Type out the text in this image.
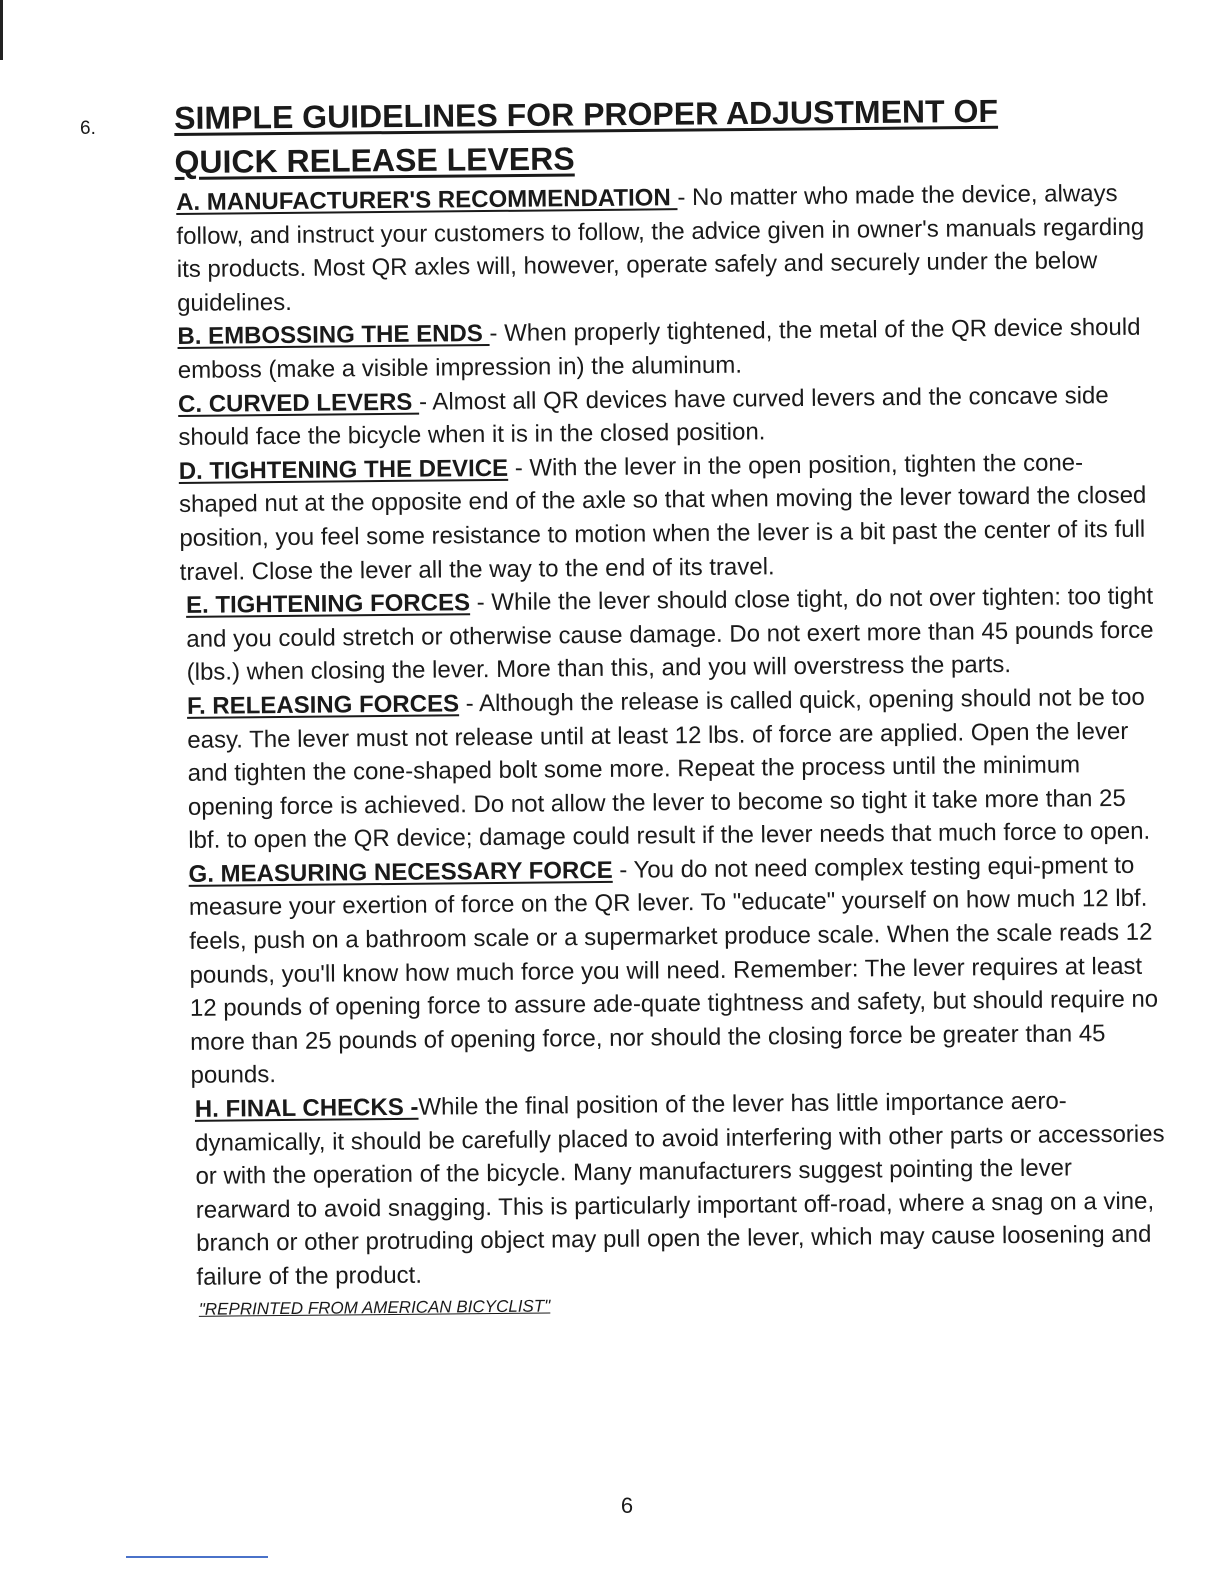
6. SIMPLE GUIDELINES FOR PROPER ADJUSTMENT OF
QUICK RELEASE LEVERS

A. MANUFACTURER'S RECOMMENDATION - No matter who made the device, always follow, and instruct your customers to follow, the advice given in owner's manuals regarding its products. Most QR axles will, however, operate safely and securely under the below guidelines.

B. EMBOSSING THE ENDS - When properly tightened, the metal of the QR device should emboss (make a visible impression in) the aluminum.

C. CURVED LEVERS - Almost all QR devices have curved levers and the concave side should face the bicycle when it is in the closed position.

D. TIGHTENING THE DEVICE - With the lever in the open position, tighten the cone-shaped nut at the opposite end of the axle so that when moving the lever toward the closed position, you feel some resistance to motion when the lever is a bit past the center of its full travel. Close the lever all the way to the end of its travel.

E. TIGHTENING FORCES - While the lever should close tight, do not over tighten: too tight and you could stretch or otherwise cause damage. Do not exert more than 45 pounds force (lbs.) when closing the lever. More than this, and you will overstress the parts.

F. RELEASING FORCES - Although the release is called quick, opening should not be too easy. The lever must not release until at least 12 lbs. of force are applied. Open the lever and tighten the cone-shaped bolt some more. Repeat the process until the minimum opening force is achieved. Do not allow the lever to become so tight it take more than 25 lbf. to open the QR device; damage could result if the lever needs that much force to open.

G. MEASURING NECESSARY FORCE - You do not need complex testing equi-pment to measure your exertion of force on the QR lever. To "educate" yourself on how much 12 lbf. feels, push on a bathroom scale or a supermarket produce scale. When the scale reads 12 pounds, you'll know how much force you will need. Remember: The lever requires at least 12 pounds of opening force to assure ade-quate tightness and safety, but should require no more than 25 pounds of opening force, nor should the closing force be greater than 45 pounds.

H. FINAL CHECKS -While the final position of the lever has little importance aero-dynamically, it should be carefully placed to avoid interfering with other parts or accessories or with the operation of the bicycle. Many manufacturers suggest pointing the lever rearward to avoid snagging. This is particularly important off-road, where a snag on a vine, branch or other protruding object may pull open the lever, which may cause loosening and failure of the product.

"REPRINTED FROM AMERICAN BICYCLIST"
6
